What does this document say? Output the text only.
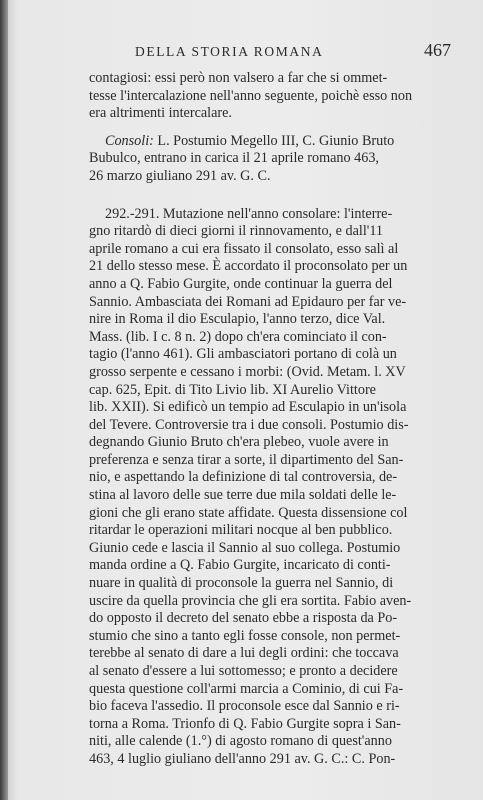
DELLA STORIA ROMANA	467

contagiosi: essi però non valsero a far che si ommet-
tesse l'intercalazione nell'anno seguente, poichè esso non
era altrimenti intercalare.

Consoli: L. Postumio Megello III, C. Giunio Bruto
Bubulco, entrano in carica il 21 aprile romano 463,
26 marzo giuliano 291 av. G. C.

292.-291. Mutazione nell'anno consolare: l'interre-
gno ritardò di dieci giorni il rinnovamento, e dall'11
aprile romano a cui era fissato il consolato, esso salì al
21 dello stesso mese. È accordato il proconsolato per un
anno a Q. Fabio Gurgite, onde continuar la guerra del
Sannio. Ambasciata dei Romani ad Epidauro per far ve-
nire in Roma il dio Esculapio, l'anno terzo, dice Val.
Mass. (lib. I c. 8 n. 2) dopo ch'era cominciato il con-
tagio (l'anno 461). Gli ambasciatori portano di colà un
grosso serpente e cessano i morbi: (Ovid. Metam. l. XV
cap. 625, Epit. di Tito Livio lib. XI Aurelio Vittore
lib. XXII). Si edificò un tempio ad Esculapio in un'isola
del Tevere. Controversie tra i due consoli. Postumio dis-
degnando Giunio Bruto ch'era plebeo, vuole avere in
preferenza e senza tirar a sorte, il dipartimento del San-
nio, e aspettando la definizione di tal controversia, de-
stina al lavoro delle sue terre due mila soldati delle le-
gioni che gli erano state affidate. Questa dissensione col
ritardar le operazioni militari nocque al ben pubblico.
Giunio cede e lascia il Sannio al suo collega. Postumio
manda ordine a Q. Fabio Gurgite, incaricato di conti-
nuare in qualità di proconsole la guerra nel Sannio, di
uscire da quella provincia che gli era sortita. Fabio aven-
do opposto il decreto del senato ebbe a risposta da Po-
stumio che sino a tanto egli fosse console, non permet-
terebbe al senato di dare a lui degli ordini: che toccava
al senato d'essere a lui sottomesso; e pronto a decidere
questa questione coll'armi marcia a Cominio, di cui Fa-
bio faceva l'assedio. Il proconsole esce dal Sannio e ri-
torna a Roma. Trionfo di Q. Fabio Gurgite sopra i San-
niti, alle calende (1.°) di agosto romano di quest'anno
463, 4 luglio giuliano dell'anno 291 av. G. C.: C. Pon-
